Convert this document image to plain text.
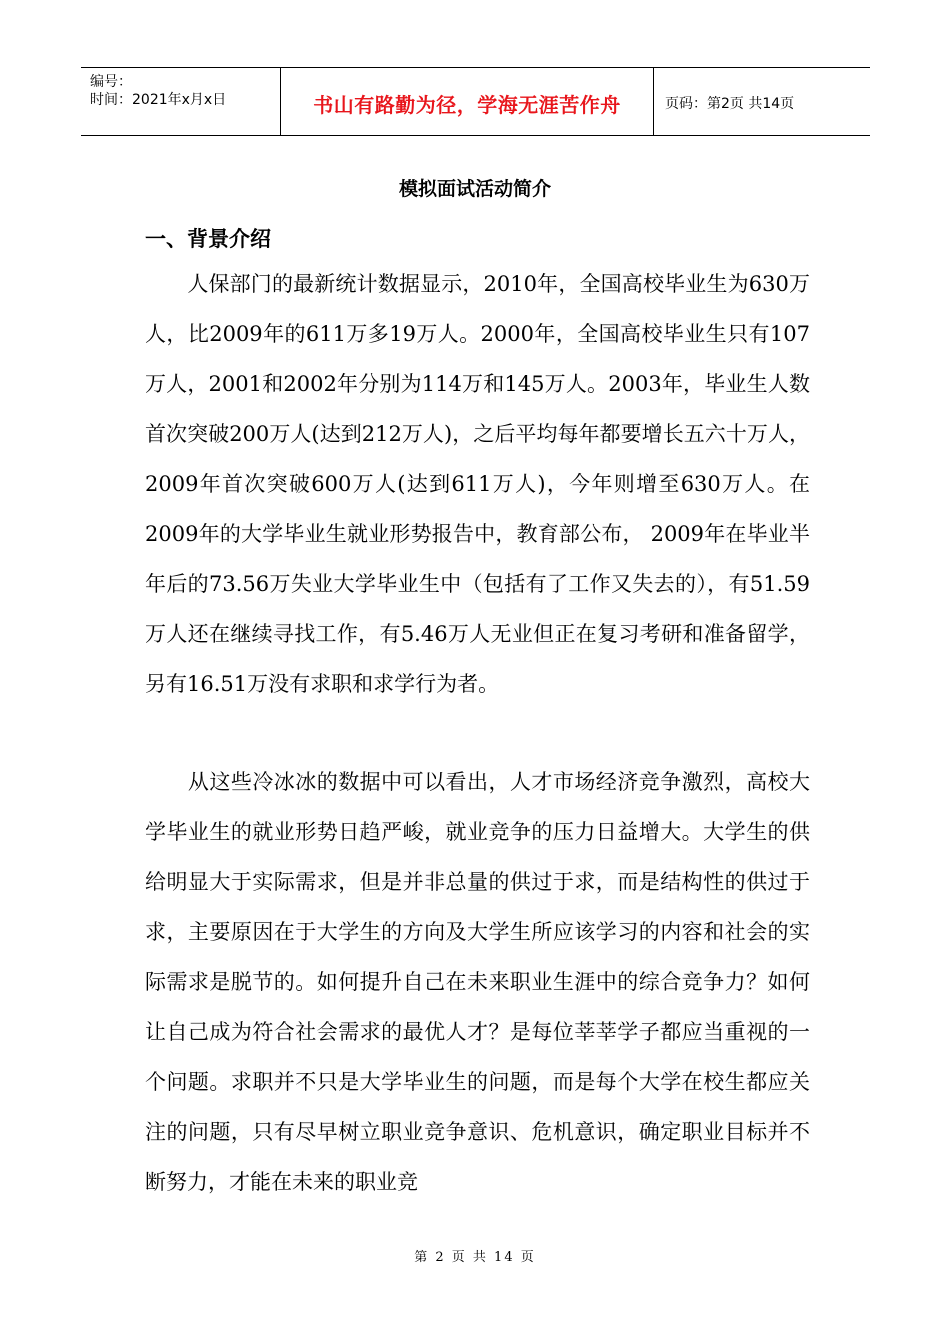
编号：
时间：2021年x月x日	书山有路勤为径，学海无涯苦作舟	页码：第2页 共14页
模拟面试活动简介
一、背景介绍

　　人保部门的最新统计数据显示，2010年，全国高校毕业生为630万人，比2009年的611万多19万人。2000年，全国高校毕业生只有107万人，2001和2002年分别为114万和145万人。2003年，毕业生人数首次突破200万人(达到212万人)，之后平均每年都要增长五六十万人，2009年首次突破600万人(达到611万人)，今年则增至630万人。在2009年的大学毕业生就业形势报告中，教育部公布， 2009年在毕业半年后的73.56万失业大学毕业生中（包括有了工作又失去的），有51.59万人还在继续寻找工作，有5.46万人无业但正在复习考研和准备留学，另有16.51万没有求职和求学行为者。

　　从这些冷冰冰的数据中可以看出，人才市场经济竞争激烈，高校大学毕业生的就业形势日趋严峻，就业竞争的压力日益增大。大学生的供给明显大于实际需求，但是并非总量的供过于求，而是结构性的供过于求，主要原因在于大学生的方向及大学生所应该学习的内容和社会的实际需求是脱节的。如何提升自己在未来职业生涯中的综合竞争力？如何让自己成为符合社会需求的最优人才？是每位莘莘学子都应当重视的一个问题。求职并不只是大学毕业生的问题，而是每个大学在校生都应关注的问题，只有尽早树立职业竞争意识、危机意识，确定职业目标并不断努力，才能在未来的职业竞

第 2 页 共 14 页
